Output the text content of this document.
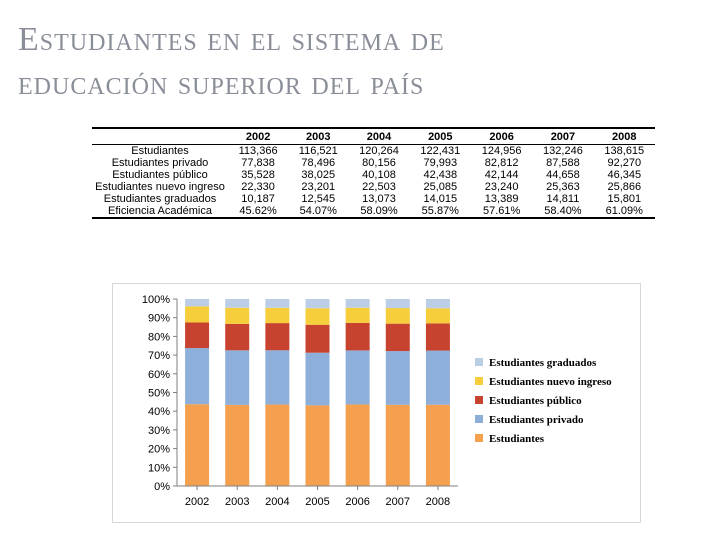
Estudiantes en el sistema de
educación superior del país
	2002	2003	2004	2005	2006	2007	2008
Estudiantes	113,366	116,521	120,264	122,431	124,956	132,246	138,615
Estudiantes privado	77,838	78,496	80,156	79,993	82,812	87,588	92,270
Estudiantes público	35,528	38,025	40,108	42,438	42,144	44,658	46,345
Estudiantes nuevo ingreso	22,330	23,201	22,503	25,085	23,240	25,363	25,866
Estudiantes graduados	10,187	12,545	13,073	14,015	13,389	14,811	15,801
Eficiencia Académica	45.62%	54.07%	58.09%	55.87%	57.61%	58.40%	61.09%
0%
10%
20%
30%
40%
50%
60%
70%
80%
90%
100%
2002 2003 2004 2005 2006 2007 2008
Estudiantes graduados
Estudiantes nuevo ingreso
Estudiantes público
Estudiantes privado
Estudiantes
